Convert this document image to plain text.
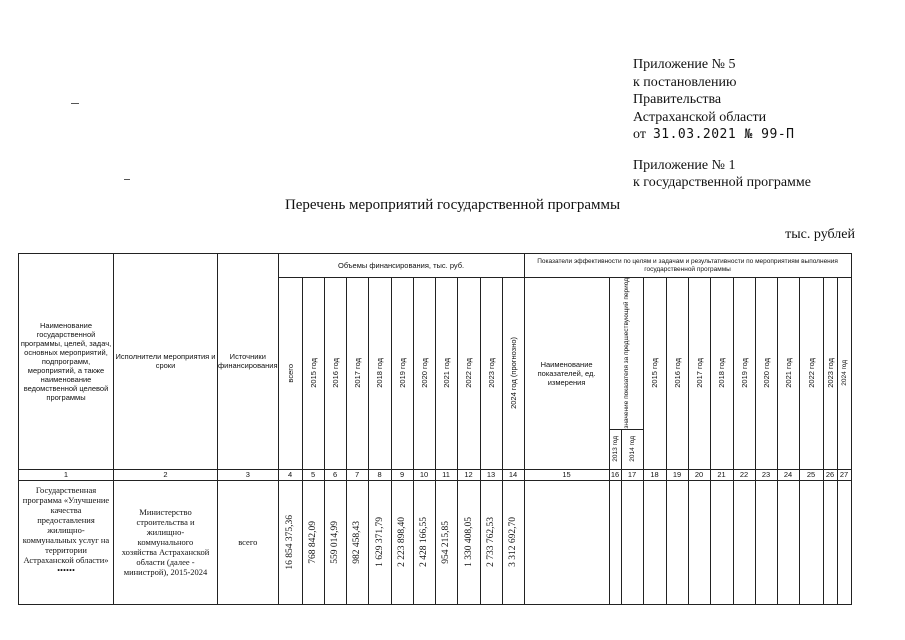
Приложение № 5
к постановлению
Правительства
Астраханской области
от 31.03.2021 № 99-П
Приложение № 1
к государственной программе
Перечень мероприятий государственной программы
тыс. рублей
Наименование государственной программы, целей, задач, основных мероприятий, подпрограмм, мероприятий, а также наименование ведомственной целевой программы	Исполнители мероприятия и сроки	Источники финансирования	Объемы финансирования, тыс. руб.											Показатели эффективности по целям и задачам и результативности по мероприятиям выполнения государственной программы												

			всего	2015 год	2016 год	2017 год	2018 год	2019 год	2020 год	2021 год	2022 год	2023 год	2024 год (прогнозно)	Наименование показателей, ед. измерения	значение показателя за предшествующий период		2015 год	2016 год	2017 год	2018 год	2019 год	2020 год	2021 год	2022 год	2023 год	2024 год

															2013 год	2014 год										

1	2	3	4	5	6	7	8	9	10	11	12	13	14	15	16	17	18	19	20	21	22	23	24	25	26	27
Государственная программа «Улучшение качества предоставления жилищно-коммунальных услуг на территории Астраханской области» ••••••	Министерство строительства и жилищно-коммунального хозяйства Астраханской области (далее - министрой), 2015-2024	всего	16 854 375,36	768 842,09	559 014,99	982 458,43	1 629 371,79	2 223 898,40	2 428 166,55	954 215,85	1 330 408,05	2 733 762,53	3 312 692,70													
